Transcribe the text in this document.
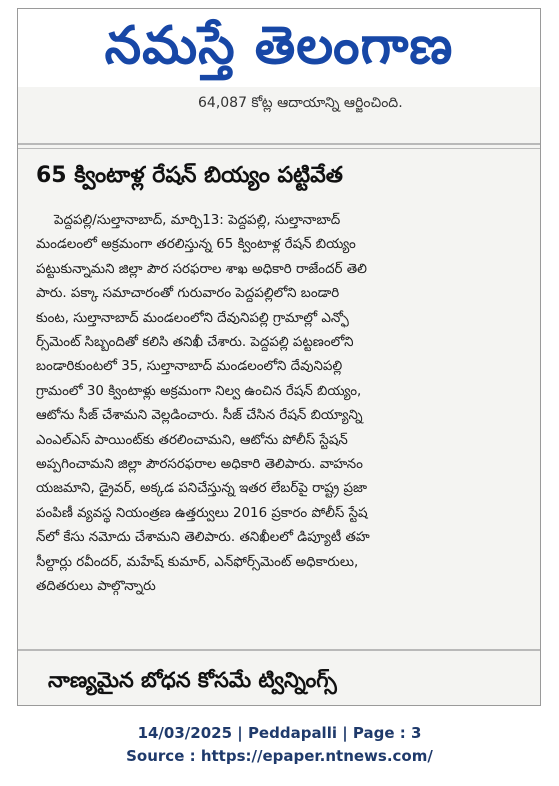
నమస్తే తెలంగాణ
64,087 కోట్ల ఆదాయాన్ని ఆర్జించింది.
65 క్వింటాళ్ల రేషన్ బియ్యం పట్టివేత
పెద్దపల్లి/సుల్తానాబాద్, మార్చి13: పెద్దపల్లి, సుల్తానాబాద్
మండలంలో అక్రమంగా తరలిస్తున్న 65 క్వింటాళ్ల రేషన్ బియ్యం
పట్టుకున్నామని జిల్లా పౌర సరఫరాల శాఖ అధికారి రాజేందర్ తెలి
పారు. పక్కా సమాచారంతో గురువారం పెద్దపల్లిలోని బండారి
కుంట, సుల్తానాబాద్ మండలంలోని దేవునిపల్లి గ్రామాల్లో ఎన్ఫో
ర్స్‌మెంట్ సిబ్బందితో కలిసి తనిఖీ చేశారు. పెద్దపల్లి పట్టణంలోని
బండారికుంటలో 35, సుల్తానాబాద్ మండలంలోని దేవునిపల్లి
గ్రామంలో 30 క్వింటాళ్లు అక్రమంగా నిల్వ ఉంచిన రేషన్ బియ్యం,
ఆటోను సీజ్ చేశామని వెల్లడించారు. సీజ్ చేసిన రేషన్ బియ్యాన్ని
ఎంఎల్ఎస్ పాయింట్‌కు తరలించామని, ఆటోను పోలీస్ స్టేషన్
అప్పగించామని జిల్లా పౌరసరఫరాల అధికారి తెలిపారు. వాహనం
యజమాని, డ్రైవర్, అక్కడ పనిచేస్తున్న ఇతర లేబర్‌పై రాష్ట్ర ప్రజా
పంపిణీ వ్యవస్థ నియంత్రణ ఉత్తర్వులు 2016 ప్రకారం పోలీస్ స్టేష
న్‌లో కేసు నమోదు చేశామని తెలిపారు. తనిఖీలలో డిప్యూటీ తహ
సీల్దార్లు రవీందర్, మహేష్ కుమార్, ఎన్‌ఫోర్స్‌మెంట్ అధికారులు,
తదితరులు పాల్గొన్నారు
నాణ్యమైన బోధన కోసమే ట్విన్నింగ్స్
14/03/2025 | Peddapalli | Page : 3
Source : https://epaper.ntnews.com/
